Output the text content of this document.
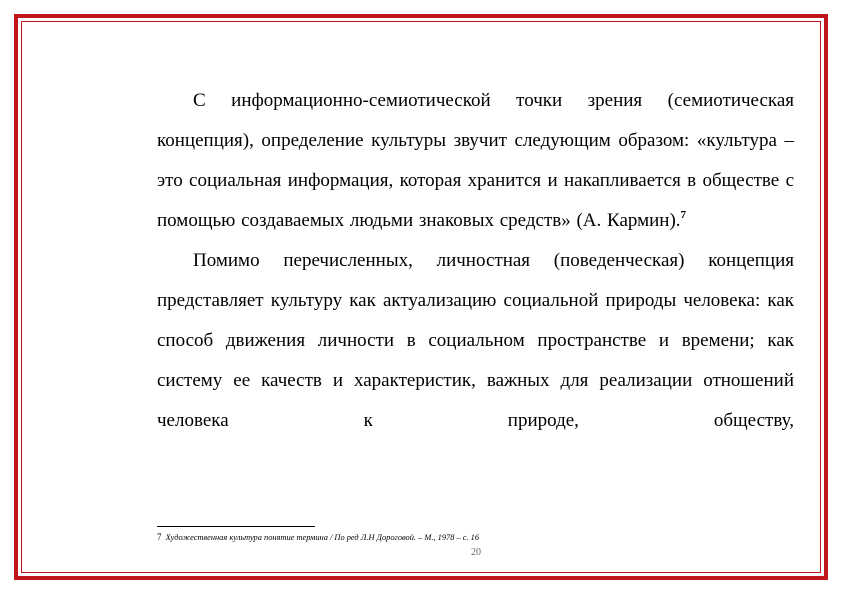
С информационно-семиотической точки зрения (семиотическая концепция), определение культуры звучит следующим образом: «культура – это социальная информация, которая хранится и накапливается в обществе с помощью создаваемых людьми знаковых средств» (А. Кармин).$^7$

Помимо перечисленных, личностная (поведенческая) концепция представляет культуру как актуализацию социальной природы человека: как способ движения личности в социальном пространстве и времени; как систему ее качеств и характеристик, важных для реализации отношений человека к природе, обществу,

7 Художественная культура понятие термина / По ред Л.Н Дороговой. – М., 1978 – с. 16
20
